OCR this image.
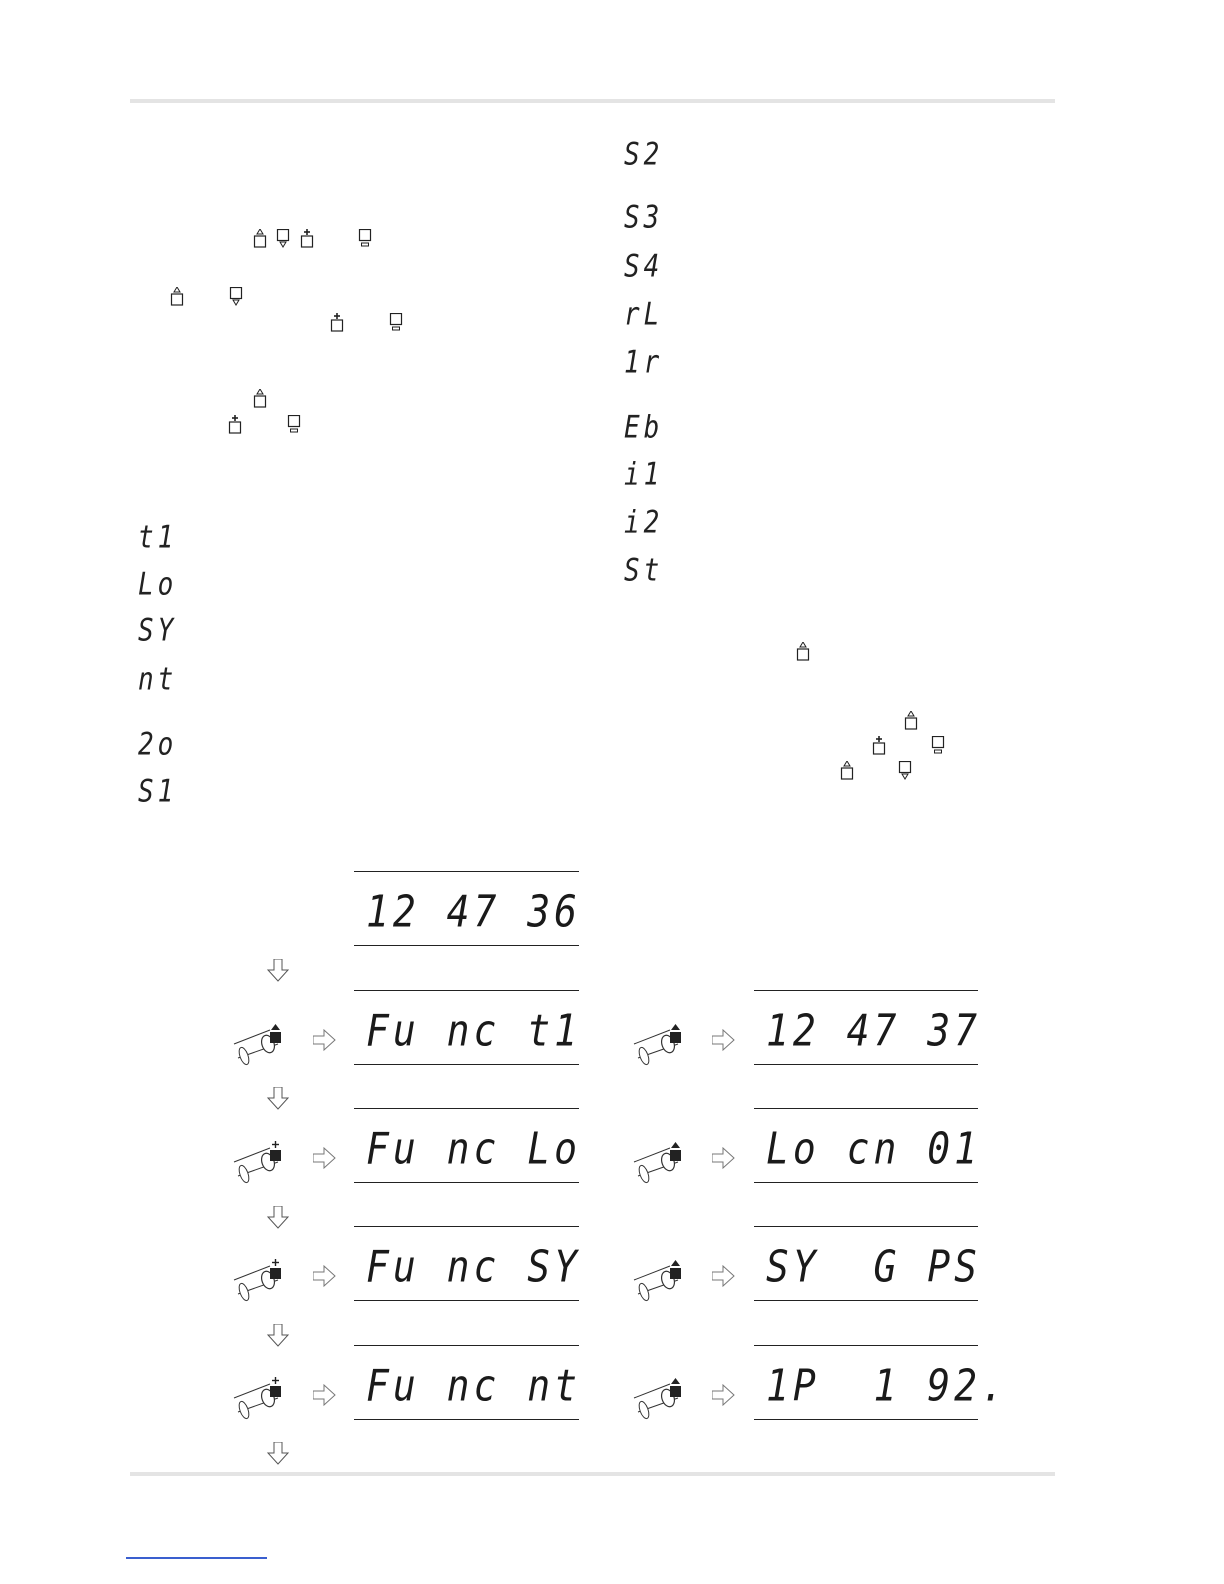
t1
Lo
SY
nt
2o
S1
S2
S3
S4
rL
1r
Eb
i1
i2
St
12 47 36
Fu nc t1
Fu nc Lo
Fu nc SY
Fu nc nt
12 47 37
Lo cn 01
SY  G PS
1P  1 92.
